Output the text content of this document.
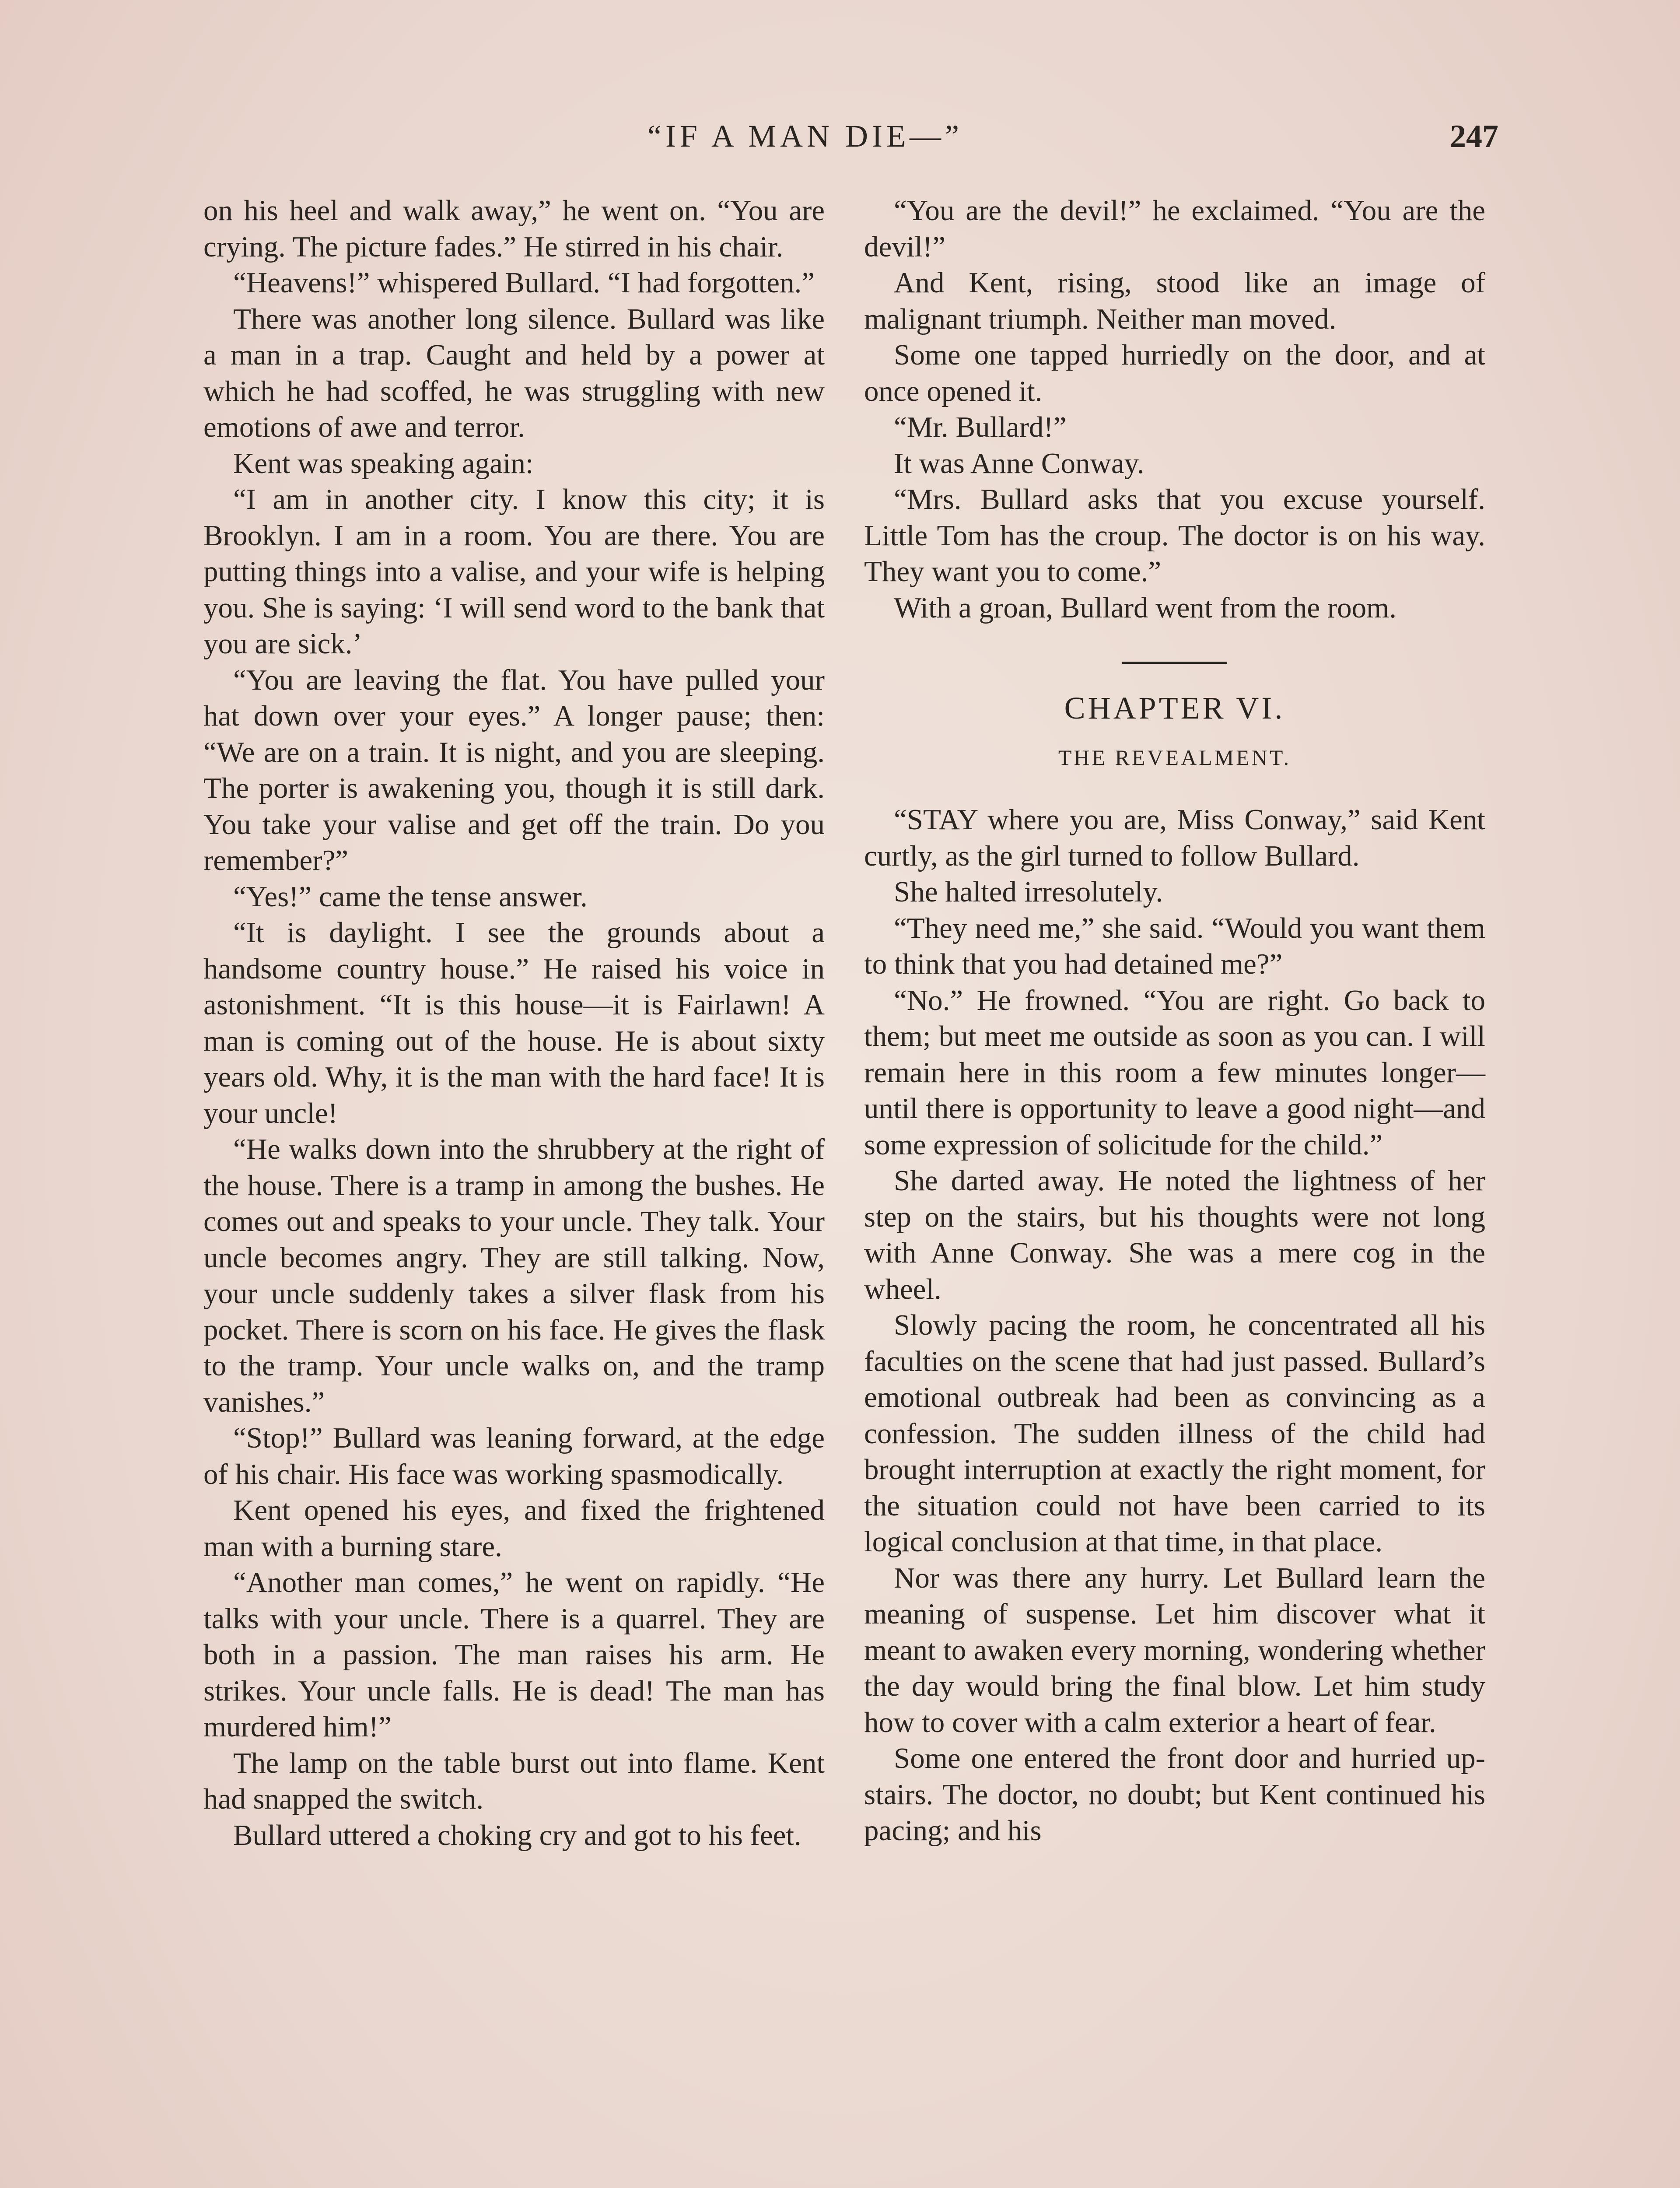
“IF A MAN DIE—”	247

on his heel and walk away,” he went on. “You are crying. The picture fades.” He stirred in his chair.

“Heavens!” whispered Bullard. “I had forgotten.”

There was another long silence. Bullard was like a man in a trap. Caught and held by a power at which he had scoffed, he was struggling with new emotions of awe and terror.

Kent was speaking again:

“I am in another city. I know this city; it is Brooklyn. I am in a room. You are there. You are putting things into a valise, and your wife is helping you. She is saying: ‘I will send word to the bank that you are sick.’

“You are leaving the flat. You have pulled your hat down over your eyes.” A longer pause; then: “We are on a train. It is night, and you are sleeping. The porter is awakening you, though it is still dark. You take your valise and get off the train. Do you remember?”

“Yes!” came the tense answer.

“It is daylight. I see the grounds about a handsome country house.” He raised his voice in astonishment. “It is this house—it is Fairlawn! A man is coming out of the house. He is about sixty years old. Why, it is the man with the hard face! It is your uncle!

“He walks down into the shrubbery at the right of the house. There is a tramp in among the bushes. He comes out and speaks to your uncle. They talk. Your uncle becomes angry. They are still talking. Now, your uncle suddenly takes a silver flask from his pocket. There is scorn on his face. He gives the flask to the tramp. Your uncle walks on, and the tramp vanishes.”

“Stop!” Bullard was leaning forward, at the edge of his chair. His face was working spasmodically.

Kent opened his eyes, and fixed the frightened man with a burning stare.

“Another man comes,” he went on rapidly. “He talks with your uncle. There is a quarrel. They are both in a passion. The man raises his arm. He strikes. Your uncle falls. He is dead! The man has murdered him!”

The lamp on the table burst out into flame. Kent had snapped the switch.

Bullard uttered a choking cry and got to his feet.

“You are the devil!” he exclaimed. “You are the devil!”

And Kent, rising, stood like an image of malignant triumph. Neither man moved.

Some one tapped hurriedly on the door, and at once opened it.

“Mr. Bullard!”

It was Anne Conway.

“Mrs. Bullard asks that you excuse yourself. Little Tom has the croup. The doctor is on his way. They want you to come.”

With a groan, Bullard went from the room.

CHAPTER VI.
THE REVEALMENT.

“STAY where you are, Miss Conway,” said Kent curtly, as the girl turned to follow Bullard.

She halted irresolutely.

“They need me,” she said. “Would you want them to think that you had detained me?”

“No.” He frowned. “You are right. Go back to them; but meet me outside as soon as you can. I will remain here in this room a few minutes longer—until there is opportunity to leave a good night—and some expression of solicitude for the child.”

She darted away. He noted the lightness of her step on the stairs, but his thoughts were not long with Anne Conway. She was a mere cog in the wheel.

Slowly pacing the room, he concentrated all his faculties on the scene that had just passed. Bullard’s emotional outbreak had been as convincing as a confession. The sudden illness of the child had brought interruption at exactly the right moment, for the situation could not have been carried to its logical conclusion at that time, in that place.

Nor was there any hurry. Let Bullard learn the meaning of suspense. Let him discover what it meant to awaken every morning, wondering whether the day would bring the final blow. Let him study how to cover with a calm exterior a heart of fear.

Some one entered the front door and hurried up-stairs. The doctor, no doubt; but Kent continued his pacing; and his
